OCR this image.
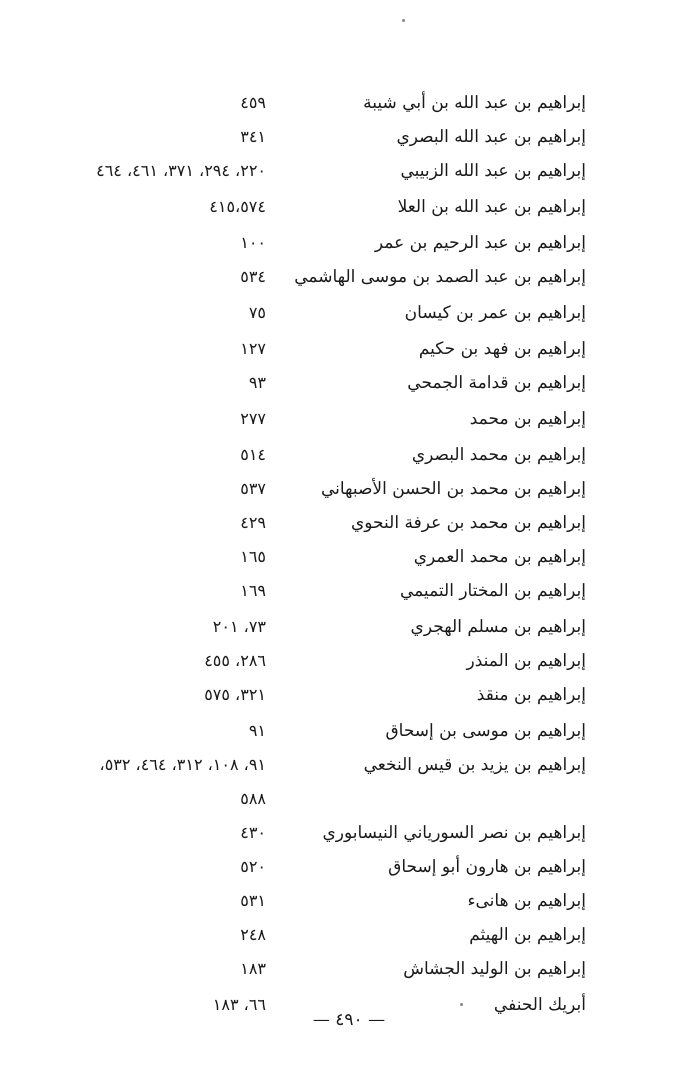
إبراهيم بن عبد الله بن أبي شيبة
٤٥٩
إبراهيم بن عبد الله البصري
٣٤١
إبراهيم بن عبد الله الزبيبي
٢٢٠، ٢٩٤، ٣٧١، ٤٦١، ٤٦٤
إبراهيم بن عبد الله بن العلا
٤١٥،٥٧٤
إبراهيم بن عبد الرحيم بن عمر
١٠٠
إبراهيم بن عبد الصمد بن موسى الهاشمي
٥٣٤
إبراهيم بن عمر بن كيسان
٧٥
إبراهيم بن فهد بن حكيم
١٢٧
إبراهيم بن قدامة الجمحي
٩٣
إبراهيم بن محمد
٢٧٧
إبراهيم بن محمد البصري
٥١٤
إبراهيم بن محمد بن الحسن الأصبهاني
٥٣٧
إبراهيم بن محمد بن عرفة النحوي
٤٢٩
إبراهيم بن محمد العمري
١٦٥
إبراهيم بن المختار التميمي
١٦٩
إبراهيم بن مسلم الهجري
٧٣، ٢٠١
إبراهيم بن المنذر
٢٨٦، ٤٥٥
إبراهيم بن منقذ
٣٢١، ٥٧٥
إبراهيم بن موسى بن إسحاق
٩١
إبراهيم بن يزيد بن قيس النخعي
٩١، ١٠٨، ٣١٢، ٤٦٤، ٥٣٢،
٥٨٨
إبراهيم بن نصر السورياني النيسابوري
٤٣٠
إبراهيم بن هارون أبو إسحاق
٥٢٠
إبراهيم بن هانىء
٥٣١
إبراهيم بن الهيثم
٢٤٨
إبراهيم بن الوليد الجشاش
١٨٣
أبريك الحنفي
٦٦، ١٨٣
— ٤٩٠ —
